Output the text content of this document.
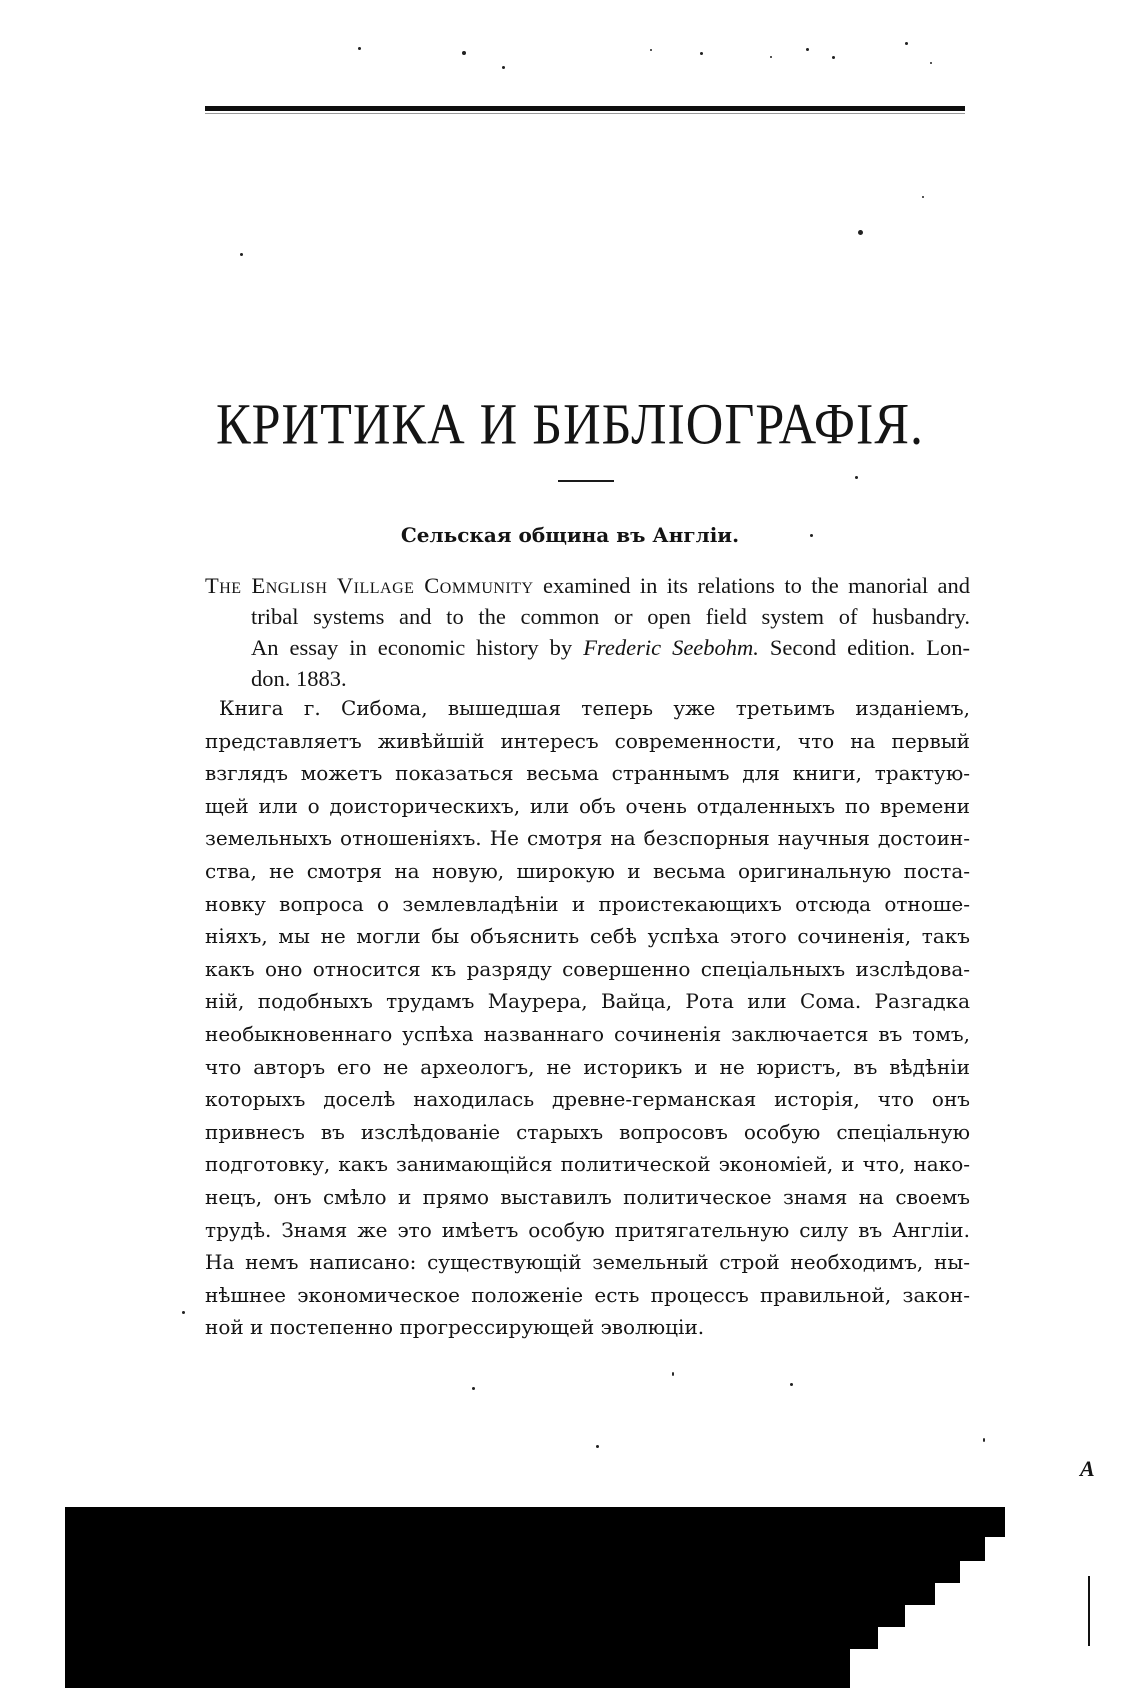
КРИТИКА И БИБЛІОГРАФІЯ.
Сельская община въ Англіи.

The English Village Community examined in its relations to the manorial and
tribal systems and to the common or open field system of husbandry.
An essay in economic history by Frederic Seebohm. Second edition. Lon-
don. 1883.

Книга г. Сибома, вышедшая теперь уже третьимъ изданіемъ,
представляетъ живѣйшій интересъ современности, что на первый
взглядъ можетъ показаться весьма страннымъ для книги, трактую-
щей или о доисторическихъ, или объ очень отдаленныхъ по времени
земельныхъ отношеніяхъ. Не смотря на безспорныя научныя достоин-
ства, не смотря на новую, широкую и весьма оригинальную поста-
новку вопроса о землевладѣніи и проистекающихъ отсюда отноше-
ніяхъ, мы не могли бы объяснить себѣ успѣха этого сочиненія, такъ
какъ оно относится къ разряду совершенно спеціальныхъ изслѣдова-
ній, подобныхъ трудамъ Маурера, Вайца, Рота или Сома. Разгадка
необыкновеннаго успѣха названнаго сочиненія заключается въ томъ,
что авторъ его не археологъ, не историкъ и не юристъ, въ вѣдѣніи
которыхъ доселѣ находилась древне-германская исторія, что онъ
привнесъ въ изслѣдованіе старыхъ вопросовъ особую спеціальную
подготовку, какъ занимающійся политической экономіей, и что, нако-
нецъ, онъ смѣло и прямо выставилъ политическое знамя на своемъ
трудѣ. Знамя же это имѣетъ особую притягательную силу въ Англіи.
На немъ написано: существующій земельный строй необходимъ, ны-
нѣшнее экономическое положеніе есть процессъ правильной, закон-
ной и постепенно прогрессирующей эволюціи.
A
